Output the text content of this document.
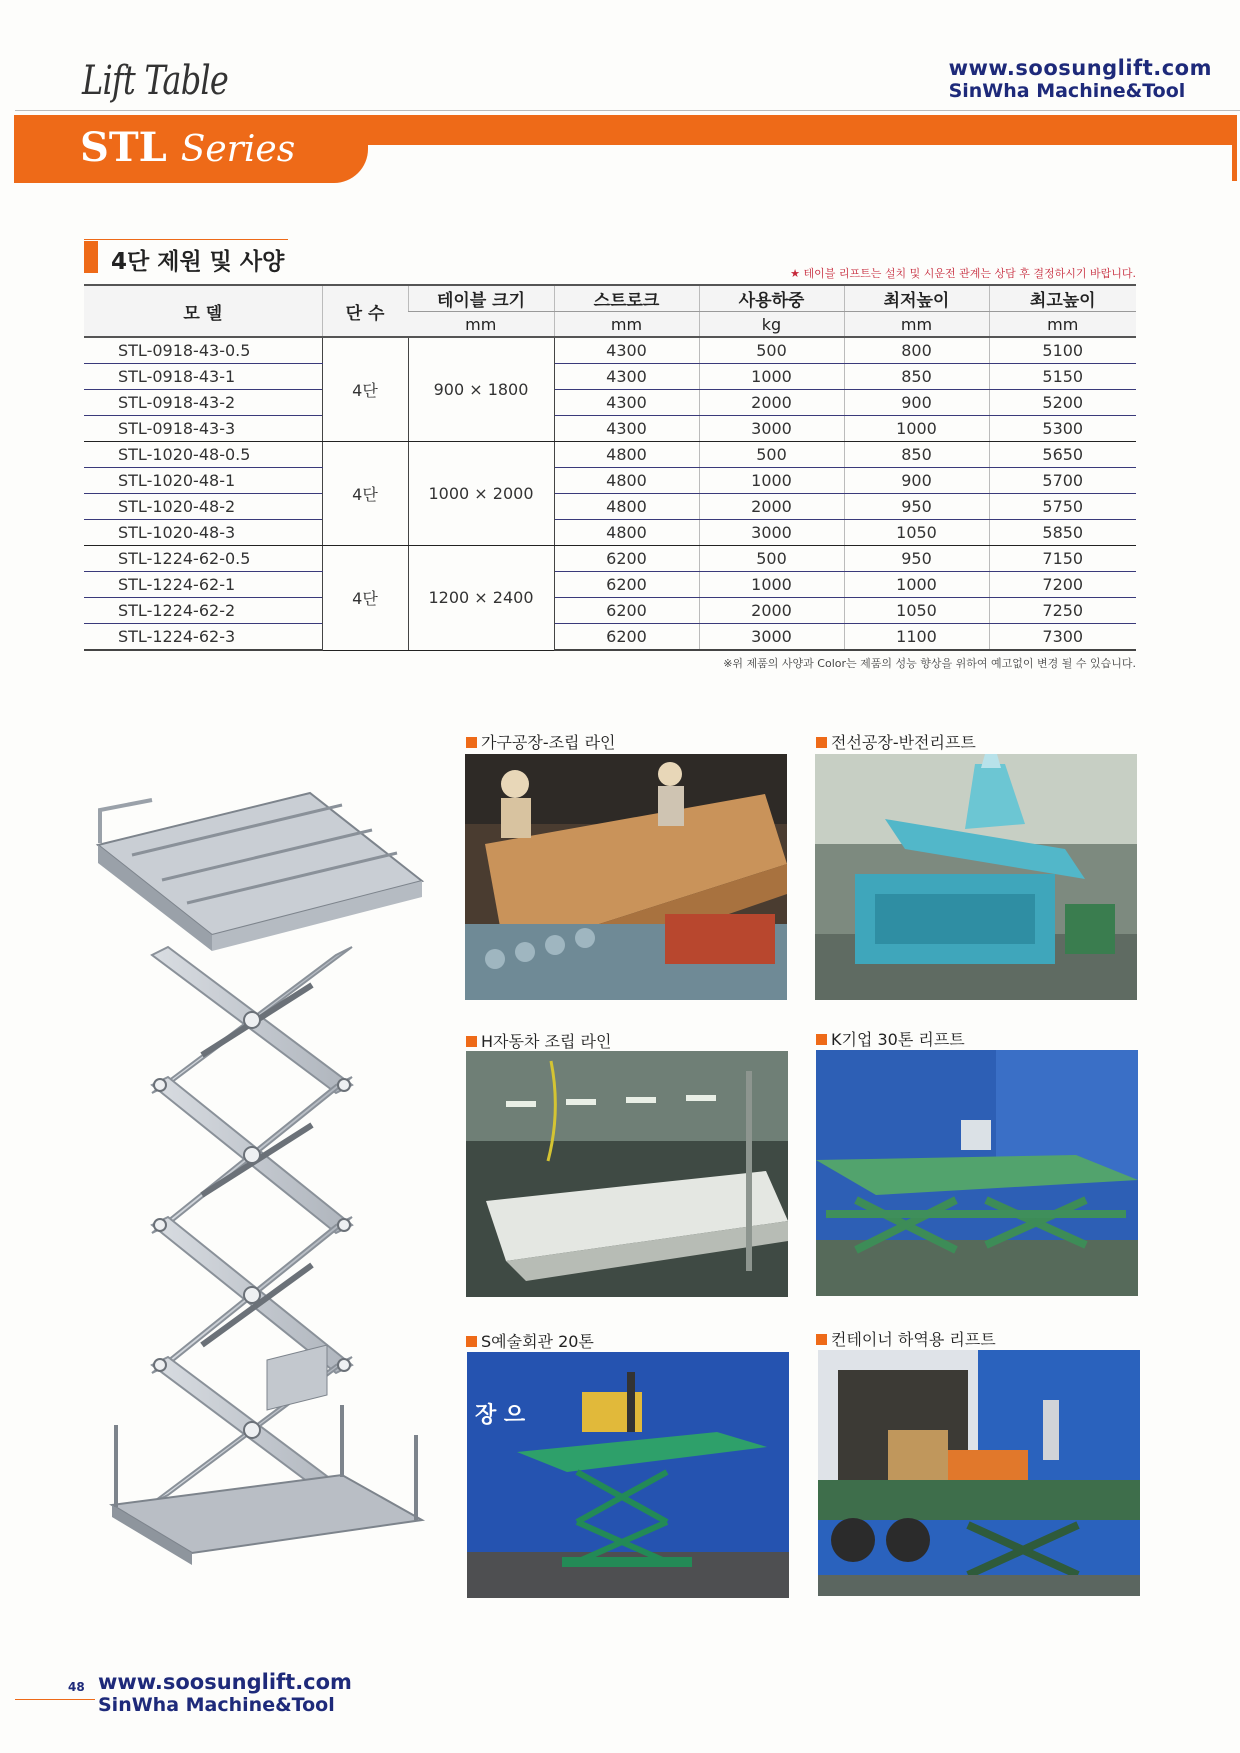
Lift Table	www.soosunglift.com
SinWha Machine&Tool
STL Series
4단 제원 및 사양	★ 테이블 리프트는 설치 및 시운전 관계는 상담 후 결정하시기 바랍니다.
모 델	단 수	테이블 크기	스트로크	사용하중	최저높이	최고높이
		mm	mm	kg	mm	mm
STL-0918-43-0.5	4단	900 × 1800	4300	500	800	5100
STL-0918-43-1			4300	1000	850	5150
STL-0918-43-2			4300	2000	900	5200
STL-0918-43-3			4300	3000	1000	5300
STL-1020-48-0.5	4단	1000 × 2000	4800	500	850	5650
STL-1020-48-1			4800	1000	900	5700
STL-1020-48-2			4800	2000	950	5750
STL-1020-48-3			4800	3000	1050	5850
STL-1224-62-0.5	4단	1200 × 2400	6200	500	950	7150
STL-1224-62-1			6200	1000	1000	7200
STL-1224-62-2			6200	2000	1050	7250
STL-1224-62-3			6200	3000	1100	7300
※위 제품의 사양과 Color는 제품의 성능 향상을 위하여 예고없이 변경 될 수 있습니다.
가구공장-조립 라인	전선공장-반전리프트
H자동차 조립 라인	K기업 30톤 리프트
S예술회관 20톤
장 으
컨테이너 하역용 리프트
48 www.soosunglift.com
SinWha Machine&Tool
